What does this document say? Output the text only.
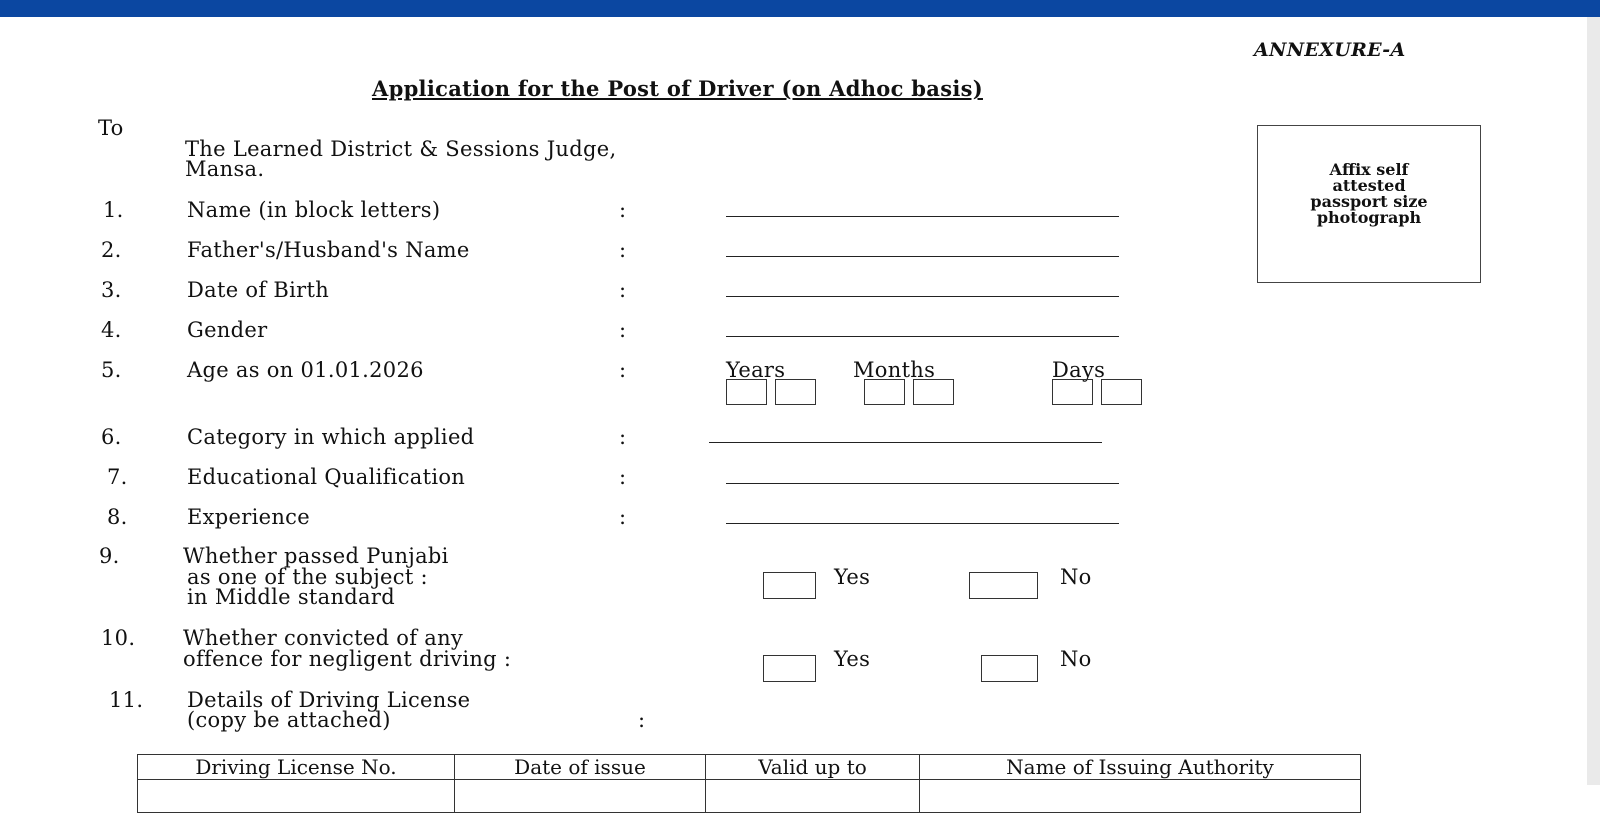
ANNEXURE-A
Application for the Post of Driver (on Adhoc basis)
Affix self
attested
passport size
photograph
To
The Learned District & Sessions Judge,
Mansa.
1.	Name (in block letters)	:
2.	Father's/Husband's Name	:
3.	Date of Birth	:
4.	Gender	:
5.	Age as on 01.01.2026	:	Years	Months	Days
6.	Category in which applied	:
7.	Educational Qualification	:
8.	Experience	:
9.	Whether passed Punjabi
as one of the subject :
in Middle standard
Yes	No
10. Whether convicted of any
offence for negligent driving :	Yes	No
11. Details of Driving License
(copy be attached)	:
Driving License No.	Date of issue	Valid up to	Name of Issuing Authority
